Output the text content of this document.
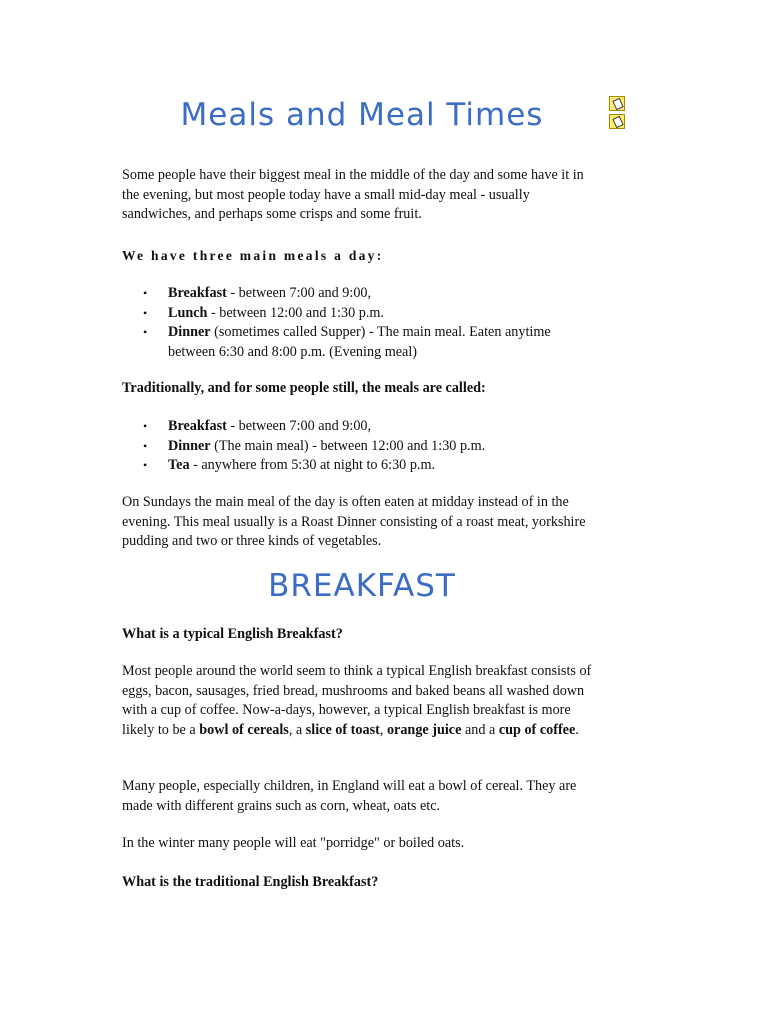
Meals and Meal Times

Some people have their biggest meal in the middle of the day and some have it in the evening, but most people today have a small mid-day meal - usually sandwiches, and perhaps some crisps and some fruit.

We have three main meals a day:

• Breakfast - between 7:00 and 9:00,
• Lunch - between 12:00 and 1:30 p.m.
• Dinner (sometimes called Supper) - The main meal. Eaten anytime between 6:30 and 8:00 p.m. (Evening meal)

Traditionally, and for some people still, the meals are called:

• Breakfast - between 7:00 and 9:00,
• Dinner (The main meal) - between 12:00 and 1:30 p.m.
• Tea - anywhere from 5:30 at night to 6:30 p.m.

On Sundays the main meal of the day is often eaten at midday instead of in the evening. This meal usually is a Roast Dinner consisting of a roast meat, yorkshire pudding and two or three kinds of vegetables.

BREAKFAST

What is a typical English Breakfast?

Most people around the world seem to think a typical English breakfast consists of eggs, bacon, sausages, fried bread, mushrooms and baked beans all washed down with a cup of coffee. Now-a-days, however, a typical English breakfast is more likely to be a bowl of cereals, a slice of toast, orange juice and a cup of coffee.

Many people, especially children, in England will eat a bowl of cereal. They are made with different grains such as corn, wheat, oats etc.

In the winter many people will eat "porridge" or boiled oats.

What is the traditional English Breakfast?
